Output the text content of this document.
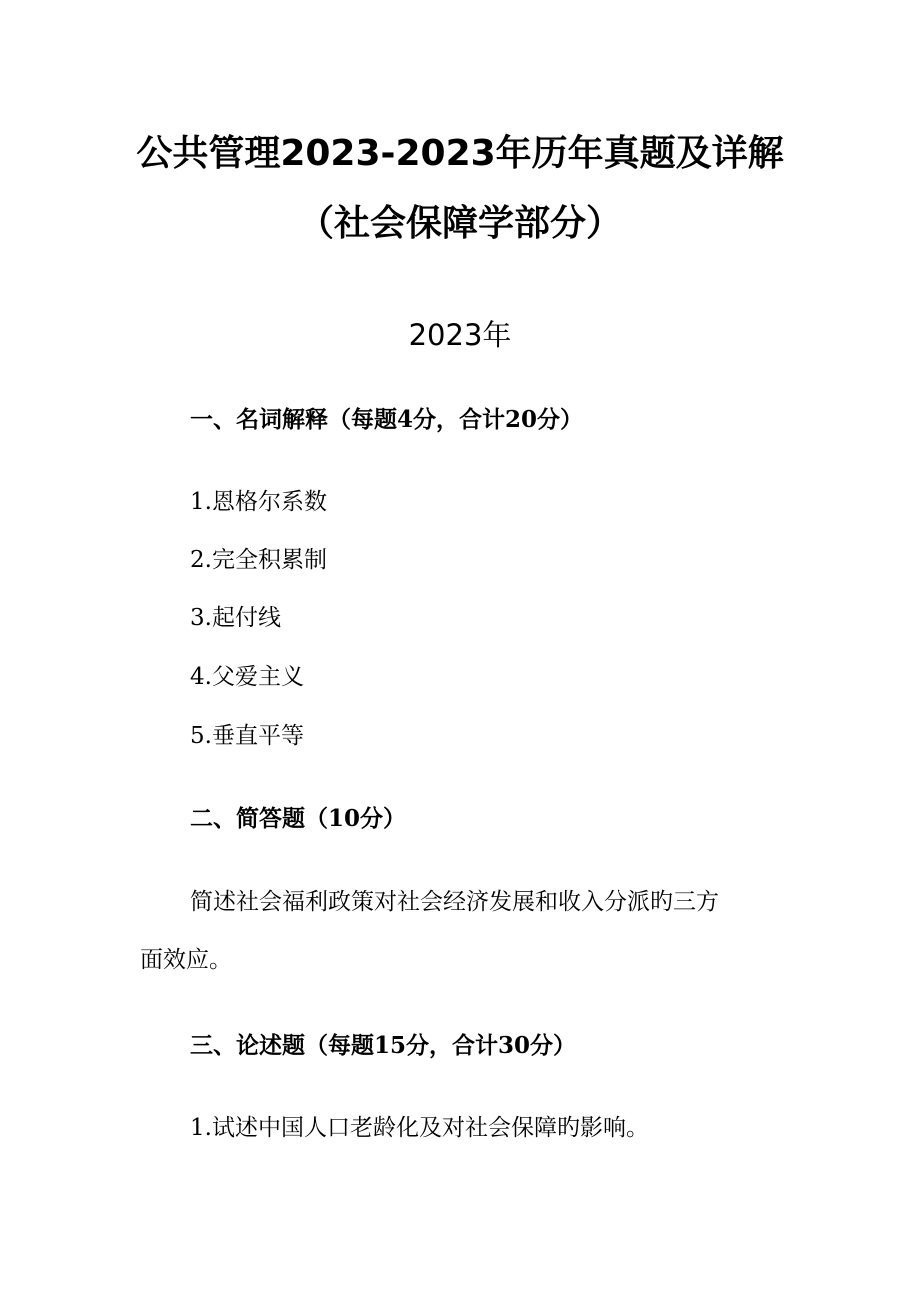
公共管理2023-2023年历年真题及详解
（社会保障学部分）
2023年
一、名词解释（每题4分，合计20分）
1.恩格尔系数
2.完全积累制
3.起付线
4.父爱主义
5.垂直平等
二、简答题（10分）
简述社会福利政策对社会经济发展和收入分派旳三方
面效应。
三、论述题（每题15分，合计30分）
1.试述中国人口老龄化及对社会保障旳影响。
